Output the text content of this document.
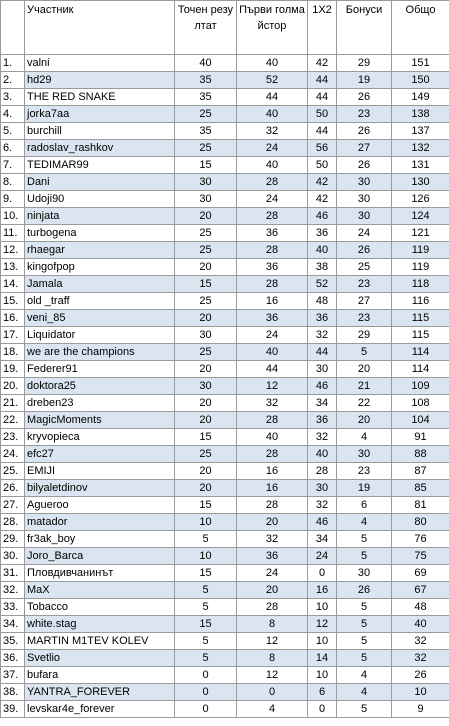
	Участник	Точен резултат	Първи голмайстор	1X2	Бонуси	Общо
1.	valni	40	40	42	29	151
2.	hd29	35	52	44	19	150
3.	THE RED SNAKE	35	44	44	26	149
4.	jorka7aa	25	40	50	23	138
5.	burchill	35	32	44	26	137
6.	radoslav_rashkov	25	24	56	27	132
7.	TEDIMAR99	15	40	50	26	131
8.	Dani	30	28	42	30	130
9.	Udoji90	30	24	42	30	126
10.	ninjata	20	28	46	30	124
11.	turbogena	25	36	36	24	121
12.	rhaegar	25	28	40	26	119
13.	kingofpop	20	36	38	25	119
14.	Jamala	15	28	52	23	118
15.	old _traff	25	16	48	27	116
16.	veni_85	20	36	36	23	115
17.	Liquidator	30	24	32	29	115
18.	we are the champions	25	40	44	5	114
19.	Federer91	20	44	30	20	114
20.	doktora25	30	12	46	21	109
21.	dreben23	20	32	34	22	108
22.	MagicMoments	20	28	36	20	104
23.	kryvopieca	15	40	32	4	91
24.	efc27	25	28	40	30	88
25.	EMIJI	20	16	28	23	87
26.	bilyaletdinov	20	16	30	19	85
27.	Agueroo	15	28	32	6	81
28.	matador	10	20	46	4	80
29.	fr3ak_boy	5	32	34	5	76
30.	Joro_Barca	10	36	24	5	75
31.	Пловдивчанинът	15	24	0	30	69
32.	MaX	5	20	16	26	67
33.	Tobacco	5	28	10	5	48
34.	white.stag	15	8	12	5	40
35.	MARTIN M1TEV KOLEV	5	12	10	5	32
36.	Svetlio	5	8	14	5	32
37.	bufara	0	12	10	4	26
38.	YANTRA_FOREVER	0	0	6	4	10
39.	levskar4e_forever	0	4	0	5	9
